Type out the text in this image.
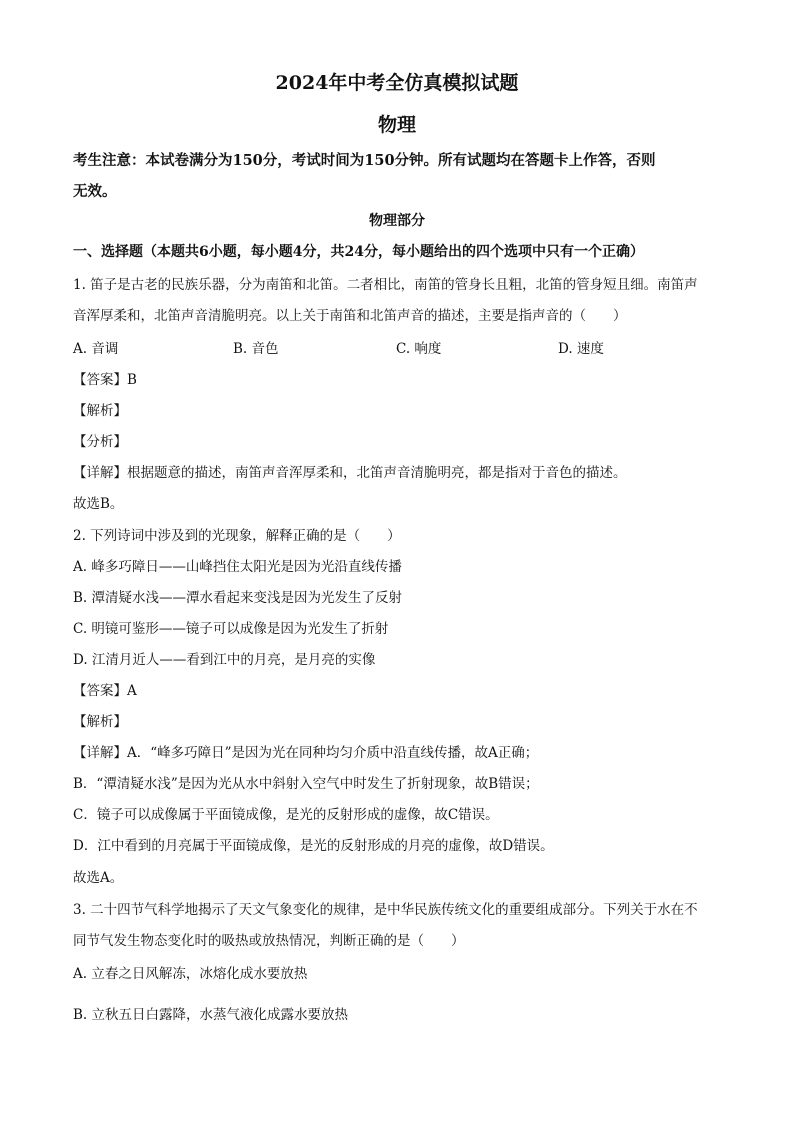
2024年中考全仿真模拟试题
物理
考生注意：本试卷满分为150分，考试时间为150分钟。所有试题均在答题卡上作答，否则
无效。
物理部分
一、选择题（本题共6小题，每小题4分，共24分，每小题给出的四个选项中只有一个正确）
1. 笛子是古老的民族乐器，分为南笛和北笛。二者相比，南笛的管身长且粗，北笛的管身短且细。南笛声
音浑厚柔和，北笛声音清脆明亮。以上关于南笛和北笛声音的描述，主要是指声音的（　　）
A. 音调	B. 音色	C. 响度	D. 速度
【答案】B
【解析】
【分析】
【详解】根据题意的描述，南笛声音浑厚柔和，北笛声音清脆明亮，都是指对于音色的描述。
故选B。
2. 下列诗词中涉及到的光现象，解释正确的是（　　）
A. 峰多巧障日——山峰挡住太阳光是因为光沿直线传播
B. 潭清疑水浅——潭水看起来变浅是因为光发生了反射
C. 明镜可鉴形——镜子可以成像是因为光发生了折射
D. 江清月近人——看到江中的月亮，是月亮的实像
【答案】A
【解析】
【详解】A．“峰多巧障日”是因为光在同种均匀介质中沿直线传播，故A正确；
B．“潭清疑水浅”是因为光从水中斜射入空气中时发生了折射现象，故B错误；
C．镜子可以成像属于平面镜成像，是光的反射形成的虚像，故C错误。
D．江中看到的月亮属于平面镜成像，是光的反射形成的月亮的虚像，故D错误。
故选A。
3. 二十四节气科学地揭示了天文气象变化的规律，是中华民族传统文化的重要组成部分。下列关于水在不
同节气发生物态变化时的吸热或放热情况，判断正确的是（　　）
A. 立春之日风解冻，冰熔化成水要放热
B. 立秋五日白露降，水蒸气液化成露水要放热
